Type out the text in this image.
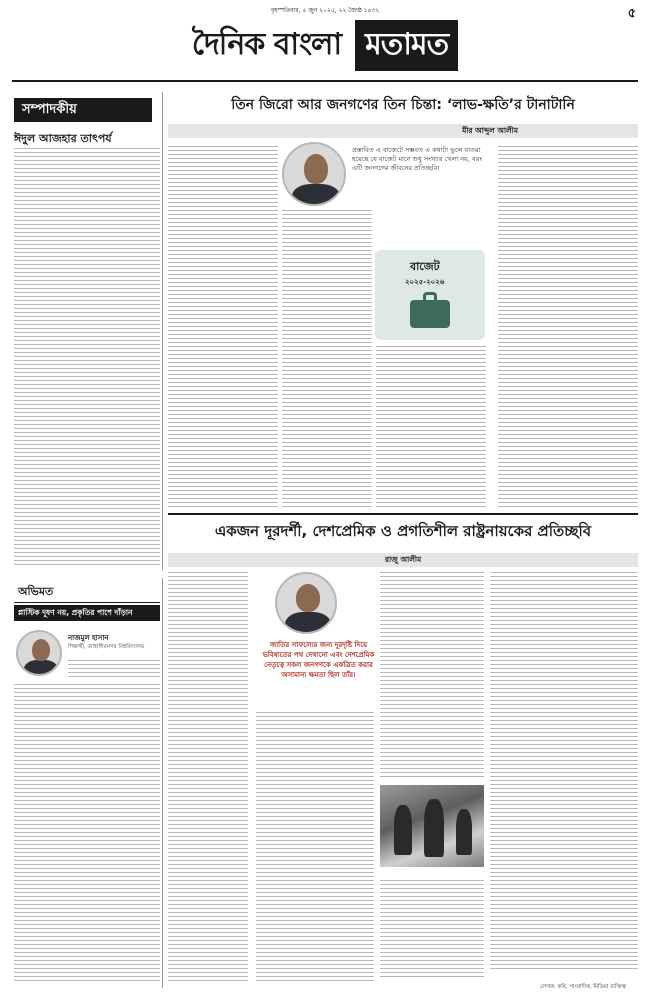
বৃহস্পতিবার, ৫ জুন ২০২৫, ২২ জ্যৈষ্ঠ ১৪৩২	৫
দৈনিক বাংলা মতামত
সম্পাদকীয়
ঈদুল আজহার তাৎপর্য
তিন জিরো আর জনগণের তিন চিন্তা: ‘লাভ-ক্ষতি’র টানাটানি
মীর আব্দুল আলীম
প্রস্তাবিত এ বাজেটে সম্ভবত এ কথাটা ভুলে যাওয়া হয়েছে যে বাজেট মানে শুধু সংখ্যার খেলা নয়, বরং এটি জনগণের জীবনের প্রতিচ্ছবি।
বাজেট
২০২৫-২০২৬
একজন দূরদর্শী, দেশপ্রেমিক ও প্রগতিশীল রাষ্ট্রনায়কের প্রতিচ্ছবি
রাজু আলীম
জাতির সাফল্যের জন্য দূরদৃষ্টি দিয়ে ভবিষ্যতের পথ দেখানো এবং দেশপ্রেমিক নেতৃত্বে সকল জনগণকে একত্রিত করার অসামান্য ক্ষমতা ছিল তাঁর।
লেখক: কবি, সাংবাদিক, মিডিয়া ব্যক্তিত্ব
অভিমত
প্লাস্টিক দূষণ নয়, প্রকৃতির পাশে দাঁড়ান
নাজমুল হাসান
শিক্ষার্থী, জাহাঙ্গীরনগর বিশ্ববিদ্যালয়
